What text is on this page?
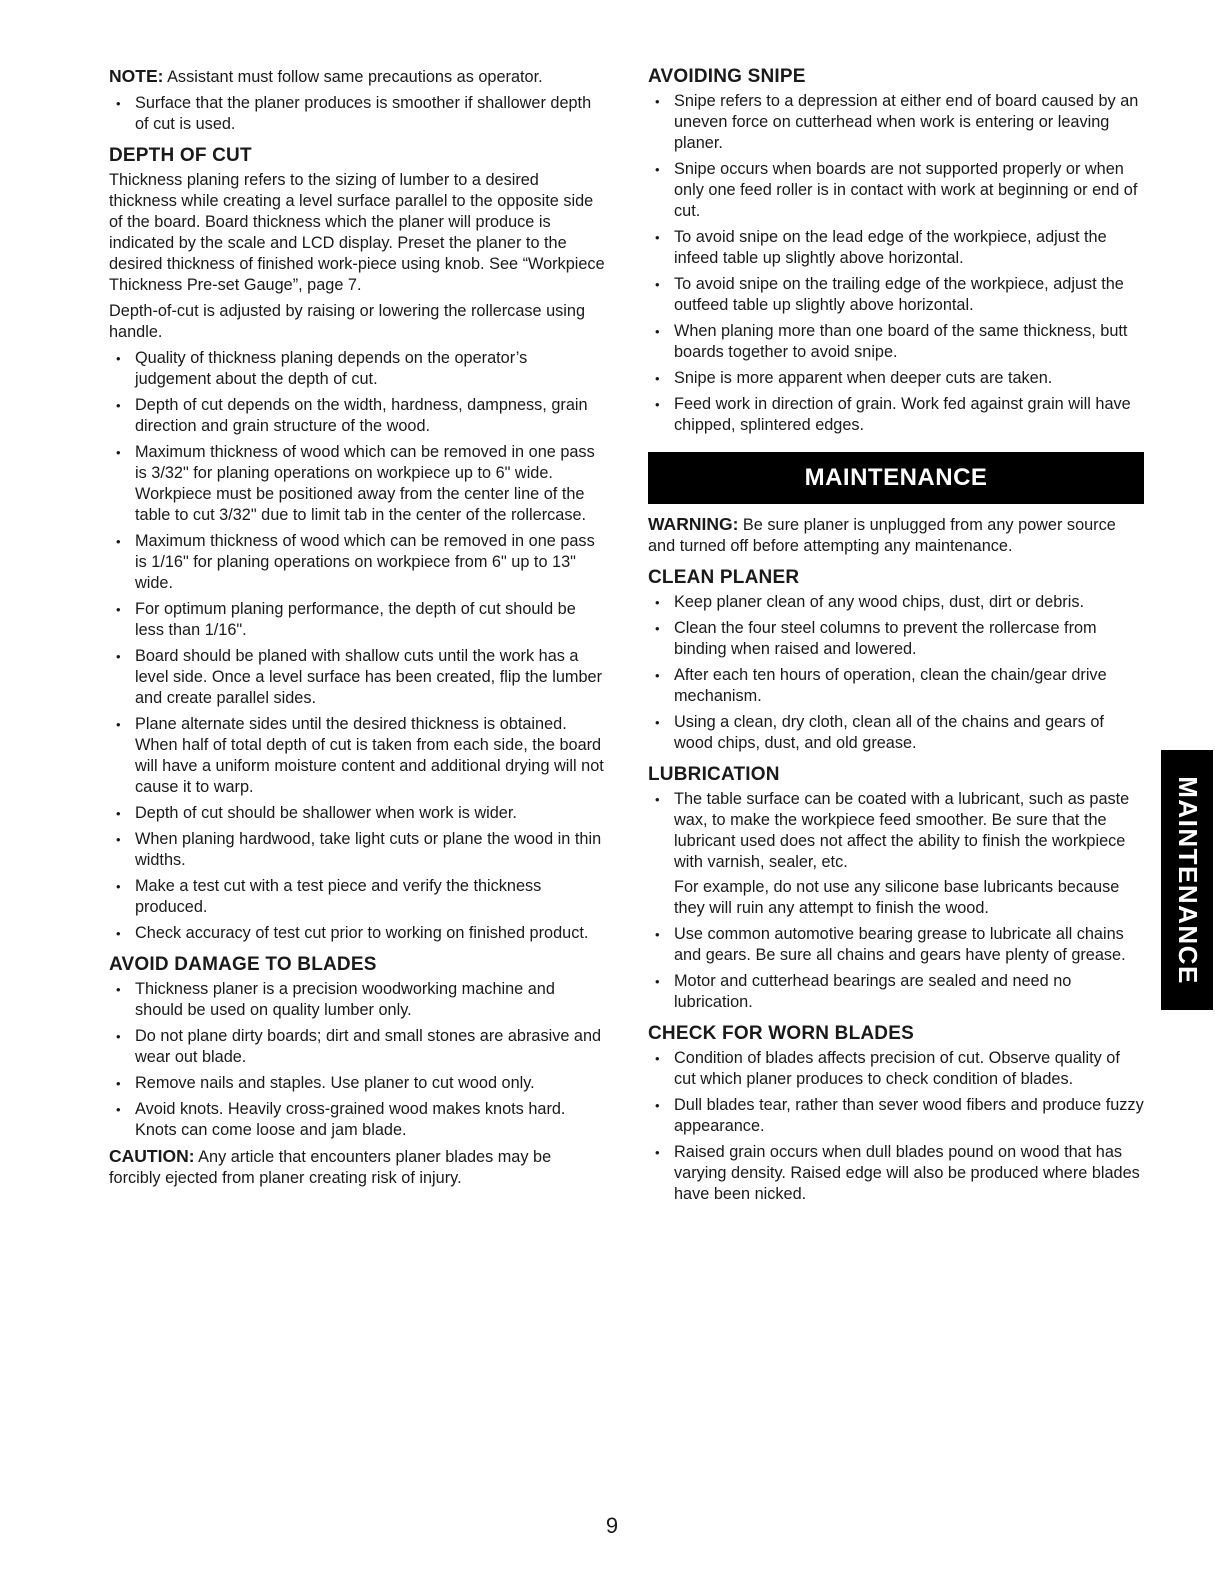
NOTE: Assistant must follow same precautions as operator.

• Surface that the planer produces is smoother if shallower depth of cut is used.
DEPTH OF CUT

Thickness planing refers to the sizing of lumber to a desired thickness while creating a level surface parallel to the opposite side of the board. Board thickness which the planer will produce is indicated by the scale and LCD display. Preset the planer to the desired thickness of finished work-piece using knob. See “Workpiece Thickness Pre-set Gauge”, page 7.

Depth-of-cut is adjusted by raising or lowering the rollercase using handle.

• Quality of thickness planing depends on the operator’s judgement about the depth of cut.
• Depth of cut depends on the width, hardness, dampness, grain direction and grain structure of the wood.
• Maximum thickness of wood which can be removed in one pass is 3/32" for planing operations on workpiece up to 6" wide. Workpiece must be positioned away from the center line of the table to cut 3/32" due to limit tab in the center of the rollercase.
• Maximum thickness of wood which can be removed in one pass is 1/16" for planing operations on workpiece from 6" up to 13" wide.
• For optimum planing performance, the depth of cut should be less than 1/16".
• Board should be planed with shallow cuts until the work has a level side. Once a level surface has been created, flip the lumber and create parallel sides.
• Plane alternate sides until the desired thickness is obtained. When half of total depth of cut is taken from each side, the board will have a uniform moisture content and additional drying will not cause it to warp.
• Depth of cut should be shallower when work is wider.
• When planing hardwood, take light cuts or plane the wood in thin widths.
• Make a test cut with a test piece and verify the thickness produced.
• Check accuracy of test cut prior to working on finished product.
AVOID DAMAGE TO BLADES
• Thickness planer is a precision woodworking machine and should be used on quality lumber only.
• Do not plane dirty boards; dirt and small stones are abrasive and wear out blade.
• Remove nails and staples. Use planer to cut wood only.
• Avoid knots. Heavily cross-grained wood makes knots hard. Knots can come loose and jam blade.

CAUTION: Any article that encounters planer blades may be forcibly ejected from planer creating risk of injury.

AVOIDING SNIPE
• Snipe refers to a depression at either end of board caused by an uneven force on cutterhead when work is entering or leaving planer.
• Snipe occurs when boards are not supported properly or when only one feed roller is in contact with work at beginning or end of cut.
• To avoid snipe on the lead edge of the workpiece, adjust the infeed table up slightly above horizontal.
• To avoid snipe on the trailing edge of the workpiece, adjust the outfeed table up slightly above horizontal.
• When planing more than one board of the same thickness, butt boards together to avoid snipe.
• Snipe is more apparent when deeper cuts are taken.
• Feed work in direction of grain. Work fed against grain will have chipped, splintered edges.
MAINTENANCE

WARNING: Be sure planer is unplugged from any power source and turned off before attempting any maintenance.

CLEAN PLANER
• Keep planer clean of any wood chips, dust, dirt or debris.
• Clean the four steel columns to prevent the rollercase from binding when raised and lowered.
• After each ten hours of operation, clean the chain/gear drive mechanism.
• Using a clean, dry cloth, clean all of the chains and gears of wood chips, dust, and old grease.
LUBRICATION
• The table surface can be coated with a lubricant, such as paste wax, to make the workpiece feed smoother. Be sure that the lubricant used does not affect the ability to finish the workpiece with varnish, sealer, etc.
For example, do not use any silicone base lubricants because they will ruin any attempt to finish the wood.
• Use common automotive bearing grease to lubricate all chains and gears. Be sure all chains and gears have plenty of grease.
• Motor and cutterhead bearings are sealed and need no lubrication.
CHECK FOR WORN BLADES
• Condition of blades affects precision of cut. Observe quality of cut which planer produces to check condition of blades.
• Dull blades tear, rather than sever wood fibers and produce fuzzy appearance.
• Raised grain occurs when dull blades pound on wood that has varying density. Raised edge will also be produced where blades have been nicked.
MAINTENANCE
9
